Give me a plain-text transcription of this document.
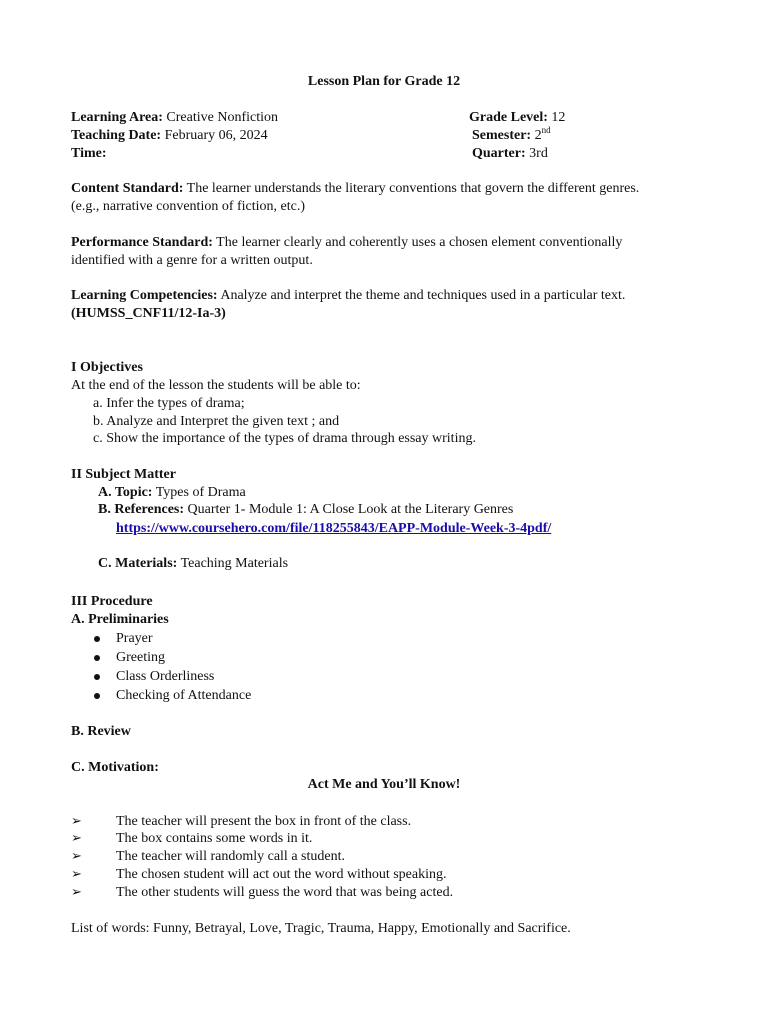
Lesson Plan for Grade 12
Learning Area: Creative Nonfiction
Teaching Date: February 06, 2024
Time:
Grade Level: 12
Semester: 2nd
Quarter: 3rd
Content Standard: The learner understands the literary conventions that govern the different genres.
(e.g., narrative convention of fiction, etc.)
Performance Standard: The learner clearly and coherently uses a chosen element conventionally
identified with a genre for a written output.
Learning Competencies: Analyze and interpret the theme and techniques used in a particular text.
(HUMSS_CNF11/12-Ia-3)
I Objectives
At the end of the lesson the students will be able to:
a. Infer the types of drama;
b. Analyze and Interpret the given text ; and
c. Show the importance of the types of drama through essay writing.
II Subject Matter
A. Topic: Types of Drama
B. References: Quarter 1- Module 1: A Close Look at the Literary Genres
https://www.coursehero.com/file/118255843/EAPP-Module-Week-3-4pdf/
C. Materials: Teaching Materials
III Procedure
A. Preliminaries
Prayer
Greeting
Class Orderliness
Checking of Attendance
B. Review
C. Motivation:
Act Me and You’ll Know!
➢ The teacher will present the box in front of the class.
➢ The box contains some words in it.
➢ The teacher will randomly call a student.
➢ The chosen student will act out the word without speaking.
➢ The other students will guess the word that was being acted.
List of words: Funny, Betrayal, Love, Tragic, Trauma, Happy, Emotionally and Sacrifice.
